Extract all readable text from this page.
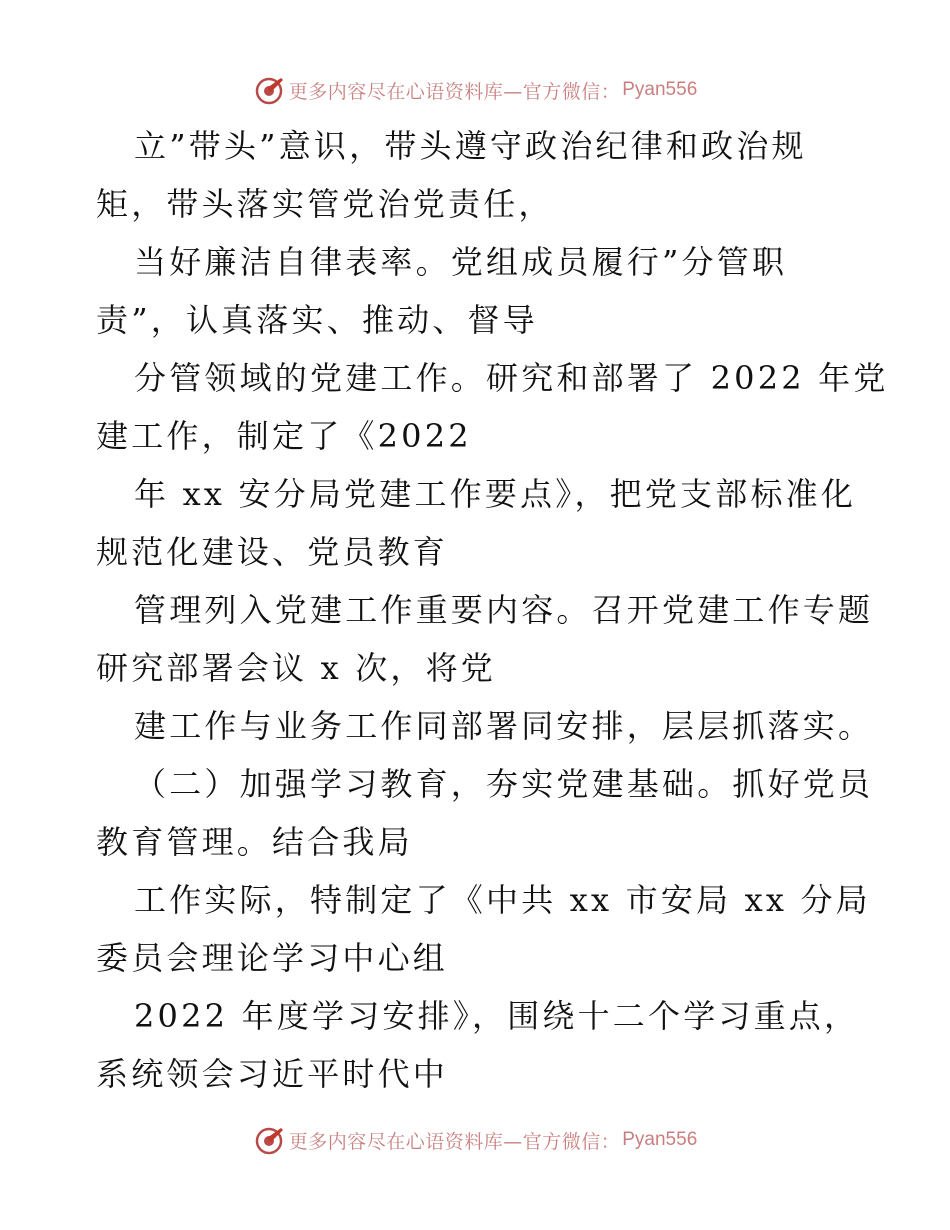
更多内容尽在心语资料库—官方微信： Pyan556
立”带头”意识，带头遵守政治纪律和政治规
矩，带头落实管党治党责任，
当好廉洁自律表率。党组成员履行”分管职
责”，认真落实、推动、督导
分管领域的党建工作。研究和部署了 2022 年党
建工作，制定了《2022
年 xx 安分局党建工作要点》，把党支部标准化
规范化建设、党员教育
管理列入党建工作重要内容。召开党建工作专题
研究部署会议 x 次，将党
建工作与业务工作同部署同安排，层层抓落实。
（二）加强学习教育，夯实党建基础。抓好党员
教育管理。结合我局
工作实际，特制定了《中共 xx 市安局 xx 分局
委员会理论学习中心组
2022 年度学习安排》，围绕十二个学习重点，
系统领会习近平时代中
更多内容尽在心语资料库—官方微信： Pyan556
